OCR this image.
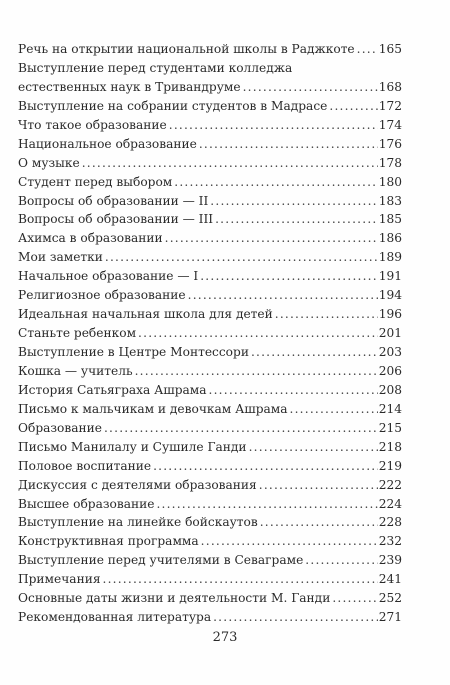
Речь на открытии национальной школы в Раджкоте ..... 165
Выступление перед студентами колледжа
естественных наук в Тривандруме .....	168
Выступление на собрании студентов в Мадрасе .....	172
Что такое образование .....	174
Национальное образование .....	176
О музыке .....	178
Студент перед выбором .....	180
Вопросы об образовании — II .....	183
Вопросы об образовании — III .....	185
Ахимса в образовании .....	186
Мои заметки .....	189
Начальное образование — I .....	191
Религиозное образование .....	194
Идеальная начальная школа для детей .....	196
Станьте ребенком .....	201
Выступление в Центре Монтессори .....	203
Кошка — учитель .....	206
История Сатьяграха Ашрама .....	208
Письмо к мальчикам и девочкам Ашрама .....	214
Образование .....	215
Письмо Манилалу и Сушиле Ганди .....	218
Половое воспитание .....	219
Дискуссия с деятелями образования .....	222
Высшее образование .....	224
Выступление на линейке бойскаутов .....	228
Конструктивная программа .....	232
Выступление перед учителями в Севаграме .....	239
Примечания .....	241
Основные даты жизни и деятельности М. Ганди .....	252
Рекомендованная литература .....	271
273
